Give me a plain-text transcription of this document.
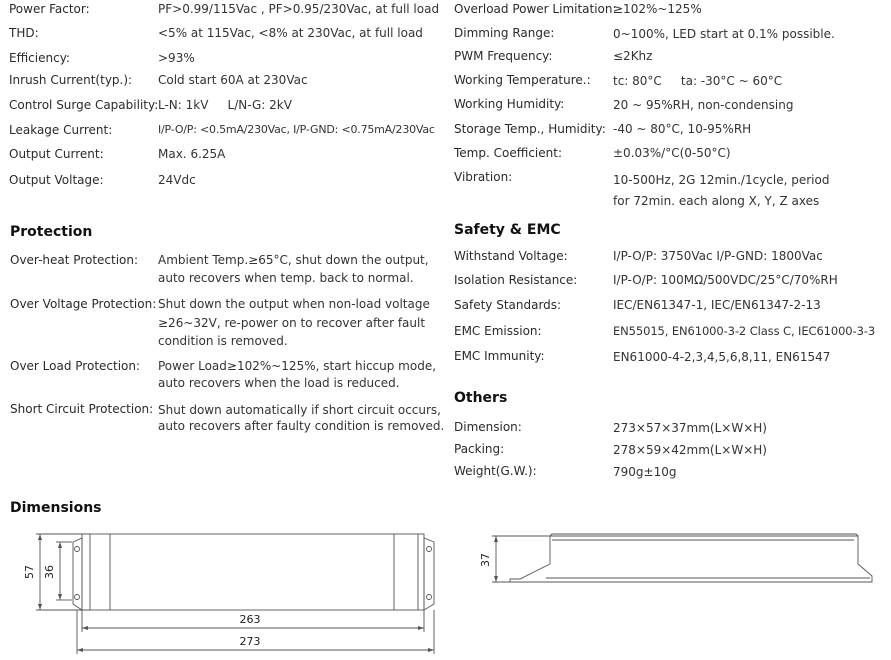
Power Factor:	PF>0.99/115Vac , PF>0.95/230Vac, at full load
THD:	<5% at 115Vac, <8% at 230Vac, at full load
Efficiency:	>93%
Inrush Current(typ.): Cold start 60A at 230Vac
Control Surge Capability: L-N: 1kV     L/N-G: 2kV
Leakage Current:	I/P-O/P: <0.5mA/230Vac, I/P-GND: <0.75mA/230Vac
Output Current:	Max. 6.25A
Output Voltage:	24Vdc
Overload Power Limitation:
≥102%~125%
Dimming Range:	0~100%, LED start at 0.1% possible.
PWM Frequency:	≤2Khz
Working Temperature.: tc: 80°C     ta: -30°C ~ 60°C
Working Humidity:	20 ~ 95%RH, non-condensing
Storage Temp., Humidity: -40 ~ 80°C, 10-95%RH
Temp. Coefficient:	±0.03%/°C(0-50°C)
Vibration:	10-500Hz, 2G 12min./1cycle, period
for 72min. each along X, Y, Z axes
Protection
Over-heat Protection: Ambient Temp.≥65°C, shut down the output,
auto recovers when temp. back to normal.
Over Voltage Protection: Shut down the output when non-load voltage
≥26~32V, re-power on to recover after fault
condition is removed.
Over Load Protection: Power Load≥102%~125%, start hiccup mode,
auto recovers when the load is reduced.
Short Circuit Protection: Shut down automatically if short circuit occurs,
auto recovers after faulty condition is removed.
Safety & EMC
Withstand Voltage:	I/P-O/P: 3750Vac I/P-GND: 1800Vac
Isolation Resistance:	I/P-O/P: 100MΩ/500VDC/25°C/70%RH
Safety Standards:	IEC/EN61347-1, IEC/EN61347-2-13
EMC Emission:	EN55015, EN61000-3-2 Class C, IEC61000-3-3
EMC Immunity:	EN61000-4-2,3,4,5,6,8,11, EN61547
Others
Dimension:	273×57×37mm(L×W×H)
Packing:	278×59×42mm(L×W×H)
Weight(G.W.):	790g±10g
Dimensions
57 36
263
273
37
